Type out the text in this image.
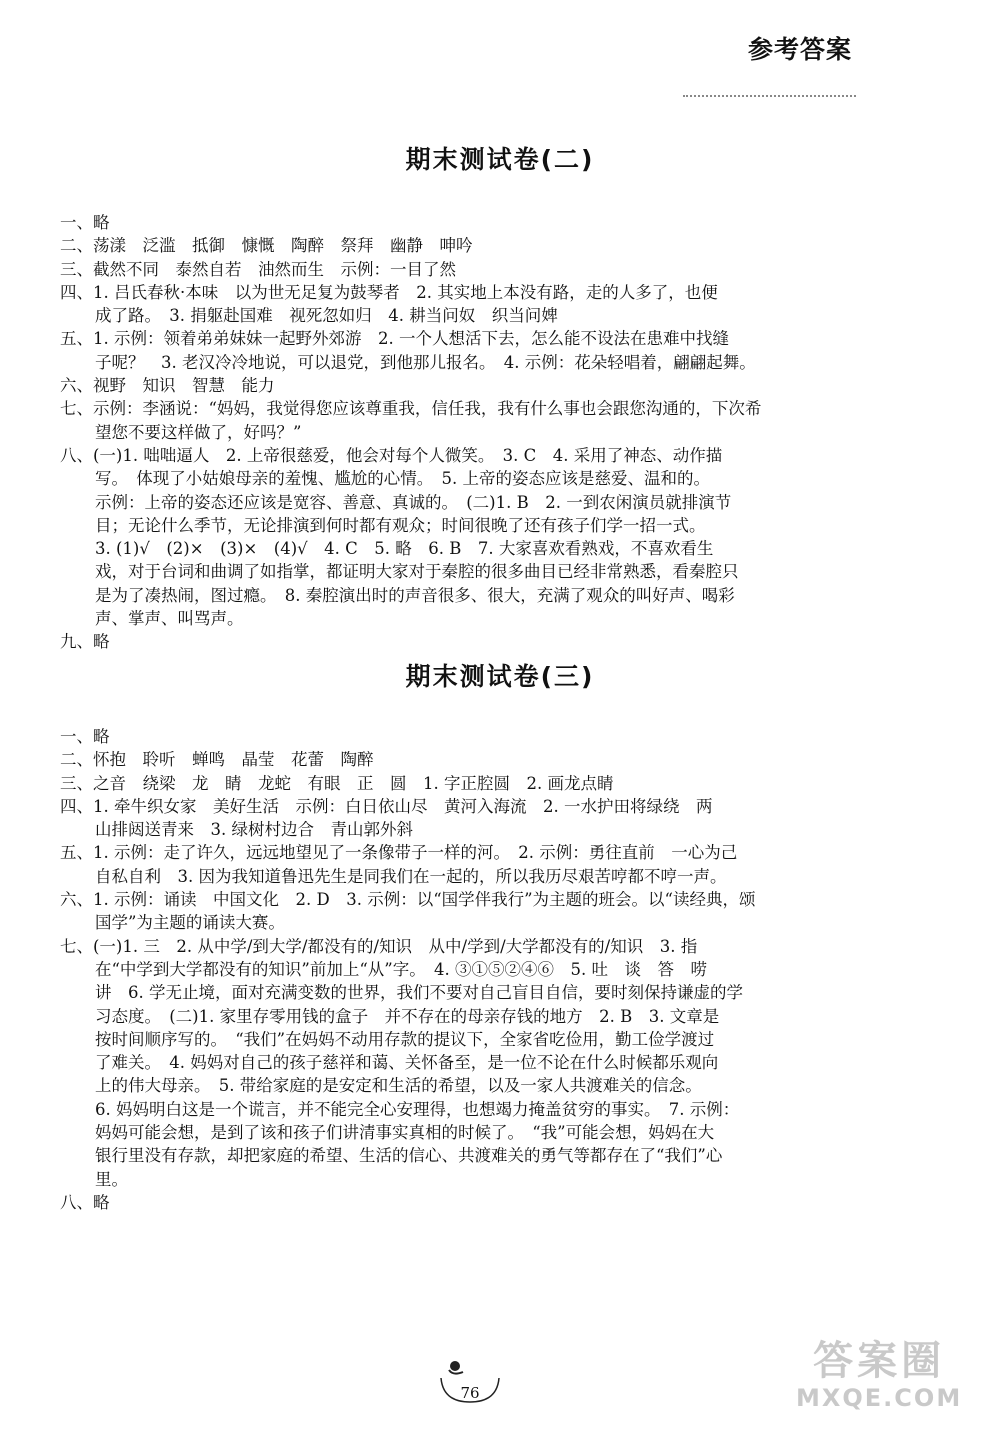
参考答案
期末测试卷(二)
一、略
二、荡漾　泛滥　抵御　慷慨　陶醉　祭拜　幽静　呻吟
三、截然不同　泰然自若　油然而生　示例：一目了然
四、1. 吕氏春秋·本味　以为世无足复为鼓琴者　2. 其实地上本没有路，走的人多了，也便
成了路。　3. 捐躯赴国难　视死忽如归　4. 耕当问奴　织当问婢
五、1. 示例：领着弟弟妹妹一起野外郊游　2. 一个人想活下去，怎么能不设法在患难中找缝
子呢？　3. 老汉冷冷地说，可以退党，到他那儿报名。　4. 示例：花朵轻唱着，翩翩起舞。
六、视野　知识　智慧　能力
七、示例：李涵说：“妈妈，我觉得您应该尊重我，信任我，我有什么事也会跟您沟通的，下次希
望您不要这样做了，好吗？”
八、(一)1. 咄咄逼人　2. 上帝很慈爱，他会对每个人微笑。　3. C　4. 采用了神态、动作描
写。　体现了小姑娘母亲的羞愧、尴尬的心情。　5. 上帝的姿态应该是慈爱、温和的。
示例：上帝的姿态还应该是宽容、善意、真诚的。　(二)1. B　2. 一到农闲演员就排演节
目；无论什么季节，无论排演到何时都有观众；时间很晚了还有孩子们学一招一式。
3. (1)√　(2)×　(3)×　(4)√　4. C　5. 略　6. B　7. 大家喜欢看熟戏，不喜欢看生
戏，对于台词和曲调了如指掌，都证明大家对于秦腔的很多曲目已经非常熟悉，看秦腔只
是为了凑热闹，图过瘾。　8. 秦腔演出时的声音很多、很大，充满了观众的叫好声、喝彩
声、掌声、叫骂声。
九、略
期末测试卷(三)
一、略
二、怀抱　聆听　蝉鸣　晶莹　花蕾　陶醉
三、之音　绕梁　龙　睛　龙蛇　有眼　正　圆　1. 字正腔圆　2. 画龙点睛
四、1. 牵牛织女家　美好生活　示例：白日依山尽　黄河入海流　2. 一水护田将绿绕　两
山排闼送青来　3. 绿树村边合　青山郭外斜
五、1. 示例：走了许久，远远地望见了一条像带子一样的河。　2. 示例：勇往直前　一心为己
自私自利　3. 因为我知道鲁迅先生是同我们在一起的，所以我历尽艰苦哼都不哼一声。
六、1. 示例：诵读　中国文化　2. D　3. 示例：以“国学伴我行”为主题的班会。以“读经典，颂
国学”为主题的诵读大赛。
七、(一)1. 三　2. 从中学/到大学/都没有的/知识　从中/学到/大学都没有的/知识　3. 指
在“中学到大学都没有的知识”前加上“从”字。　4. ③①⑤②④⑥　5. 吐　谈　答　唠
讲　6. 学无止境，面对充满变数的世界，我们不要对自己盲目自信，要时刻保持谦虚的学
习态度。　(二)1. 家里存零用钱的盒子　并不存在的母亲存钱的地方　2. B　3. 文章是
按时间顺序写的。　“我们”在妈妈不动用存款的提议下，全家省吃俭用，勤工俭学渡过
了难关。　4. 妈妈对自己的孩子慈祥和蔼、关怀备至，是一位不论在什么时候都乐观向
上的伟大母亲。　5. 带给家庭的是安定和生活的希望，以及一家人共渡难关的信念。
6. 妈妈明白这是一个谎言，并不能完全心安理得，也想竭力掩盖贫穷的事实。　7. 示例：
妈妈可能会想，是到了该和孩子们讲清事实真相的时候了。　“我”可能会想，妈妈在大
银行里没有存款，却把家庭的希望、生活的信心、共渡难关的勇气等都存在了“我们”心
里。
八、略
76
答案圈
MXQE.COM
